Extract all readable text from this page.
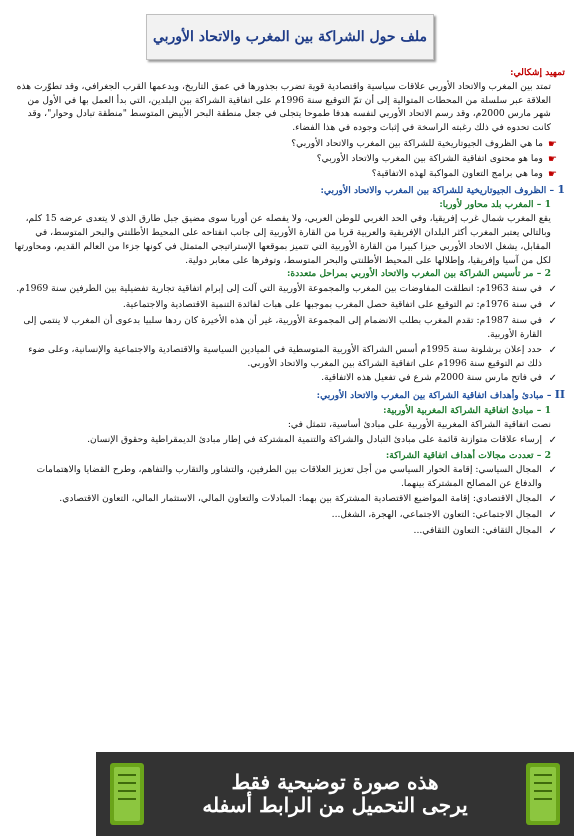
ملف حول الشراكة بين المغرب والاتحاد الأوربي

تمهيد إشكالي:

تمتد بين المغرب والاتحاد الأوربي علاقات سياسية واقتصادية قوية تضرب بجذورها في عمق التاريخ، ويدعمها القرب الجغرافي، وقد تطوّرت هذه العلاقة عبر سلسلة من المحطات المتوالية إلى أن تمّ التوقيع سنة 1996م على اتفاقية الشراكة بين البلدين، التي بدأ العمل بها في الأول من شهر مارس 2000م، وقد رسم الاتحاد الأوربي لنفسه هدفا طموحا يتجلى في جعل منطقة البحر الأبيض المتوسط "منطقة تبادل وحوار"، وقد كانت تحدوه في ذلك رغبته الراسخة في إثبات وجوده في هذا الفضاء.

☛
ما هي الظروف الجيوتاريخية للشراكة بين المغرب والاتحاد الأوربي؟
☛
وما هو محتوى اتفاقية الشراكة بين المغرب والاتحاد الأوربي؟
☛
وما هي برامج التعاون المواكبة لهذه الاتفاقية؟

1 – الظروف الجيوتاريخية للشراكة بين المغرب والاتحاد الأوربي:

1 – المغرب بلد محاور لأوربا:

يقع المغرب شمال غرب إفريقيا، وفي الحد الغربي للوطن العربي، ولا يفصله عن أوربا سوى مضيق جبل طارق الذي لا يتعدى عرضه 15 كلم، وبالتالي يعتبر المغرب أكثر البلدان الإفريقية والعربية قربا من القارة الأوربية إلى جانب انفتاحه على المحيط الأطلنتي والبحر المتوسط، في المقابل، يشغل الاتحاد الأوربي حيزا كبيرا من القارة الأوربية التي تتميز بموقعها الإستراتيجي المتمثل في كونها جزءا من العالم القديم، ومحاورتها لكل من آسيا وإفريقيا، وإطلالها على المحيط الأطلنتي والبحر المتوسط، وتوفرها على معابر دولية.

2 – مر تأسيس الشراكة بين المغرب والاتحاد الأوربي بمراحل متعددة:

✓
في سنة 1963م: انطلقت المفاوضات بين المغرب والمجموعة الأوربية التي آلت إلى إبرام اتفاقية تجارية تفضيلية بين الطرفين سنة 1969م.
✓
في سنة 1976م: تم التوقيع على اتفاقية حصل المغرب بموجبها على هبات لفائدة التنمية الاقتصادية والاجتماعية.
✓
في سنة 1987م: تقدم المغرب بطلب الانضمام إلى المجموعة الأوربية، غير أن هذه الأخيرة كان ردها سلبيا بدعوى أن المغرب لا ينتمي إلى القارة الأوربية.
✓
حدد إعلان برشلونة سنة 1995م أسس الشراكة الأوربية المتوسطية في الميادين السياسية والاقتصادية والاجتماعية والإنسانية، وعلى ضوء ذلك تم التوقيع سنة 1996م على اتفاقية الشراكة بين المغرب والاتحاد الأوربي.
✓
في فاتح مارس سنة 2000م شرع في تفعيل هذه الاتفاقية.

II – مبادئ وأهداف اتفاقية الشراكة بين المغرب والاتحاد الأوربي:

1 – مبادئ اتفاقية الشراكة المغربية الأوربية:

نصت اتفاقية الشراكة المغربية الأوربية على مبادئ أساسية، تتمثل في:

✓
إرساء علاقات متوازنة قائمة على مبادئ التبادل والشراكة والتنمية المشتركة في إطار مبادئ الديمقراطية وحقوق الإنسان.

2 – تعددت مجالات أهداف اتفاقية الشراكة:

✓
المجال السياسي: إقامة الحوار السياسي من أجل تعزيز العلاقات بين الطرفين، والتشاور والتقارب والتفاهم، وطرح القضايا والاهتمامات والدفاع عن المصالح المشتركة بينهما.
✓
المجال الاقتصادي: إقامة المواضيع الاقتصادية المشتركة بين بهما: المبادلات والتعاون المالي، الاستثمار المالي، التعاون الاقتصادي.
✓
المجال الاجتماعي: التعاون الاجتماعي، الهجرة، الشغل...
✓
المجال الثقافي: التعاون الثقافي...
هذه صورة توضيحية فقط
يرجى التحميل من الرابط أسفله
